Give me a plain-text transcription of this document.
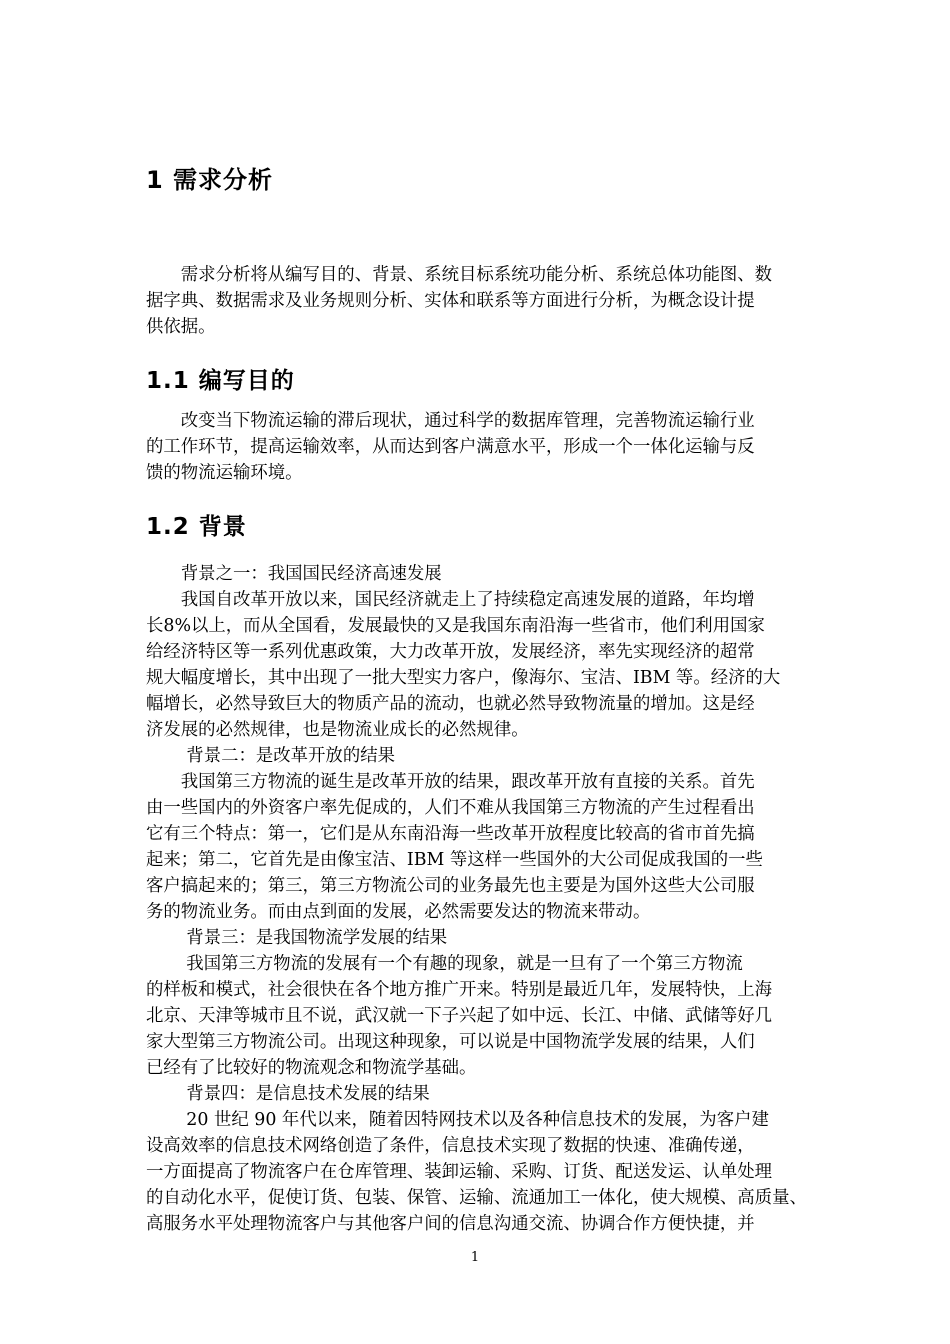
1 需求分析
　　需求分析将从编写目的、背景、系统目标系统功能分析、系统总体功能图、数
据字典、数据需求及业务规则分析、实体和联系等方面进行分析，为概念设计提
供依据。
1.1 编写目的
　　改变当下物流运输的滞后现状，通过科学的数据库管理，完善物流运输行业
的工作环节，提高运输效率，从而达到客户满意水平，形成一个一体化运输与反
馈的物流运输环境。
1.2 背景
　　背景之一：我国国民经济高速发展
　　我国自改革开放以来，国民经济就走上了持续稳定高速发展的道路，年均增
长8%以上，而从全国看，发展最快的又是我国东南沿海一些省市，他们利用国家
给经济特区等一系列优惠政策，大力改革开放，发展经济，率先实现经济的超常
规大幅度增长，其中出现了一批大型实力客户，像海尔、宝洁、IBM 等。经济的大
幅增长，必然导致巨大的物质产品的流动，也就必然导致物流量的增加。这是经
济发展的必然规律，也是物流业成长的必然规律。
　　 背景二：是改革开放的结果
　　我国第三方物流的诞生是改革开放的结果，跟改革开放有直接的关系。首先
由一些国内的外资客户率先促成的，人们不难从我国第三方物流的产生过程看出
它有三个特点：第一，它们是从东南沿海一些改革开放程度比较高的省市首先搞
起来；第二，它首先是由像宝洁、IBM 等这样一些国外的大公司促成我国的一些
客户搞起来的；第三，第三方物流公司的业务最先也主要是为国外这些大公司服
务的物流业务。而由点到面的发展，必然需要发达的物流来带动。
　　 背景三：是我国物流学发展的结果
　　 我国第三方物流的发展有一个有趣的现象，就是一旦有了一个第三方物流
的样板和模式，社会很快在各个地方推广开来。特别是最近几年，发展特快，上海
北京、天津等城市且不说，武汉就一下子兴起了如中远、长江、中储、武储等好几
家大型第三方物流公司。出现这种现象，可以说是中国物流学发展的结果，人们
已经有了比较好的物流观念和物流学基础。
　　 背景四：是信息技术发展的结果
　　 20 世纪 90 年代以来，随着因特网技术以及各种信息技术的发展，为客户建
设高效率的信息技术网络创造了条件，信息技术实现了数据的快速、准确传递，
一方面提高了物流客户在仓库管理、装卸运输、采购、订货、配送发运、认单处理
的自动化水平，促使订货、包装、保管、运输、流通加工一体化，使大规模、高质量、
高服务水平处理物流客户与其他客户间的信息沟通交流、协调合作方便快捷，并
1
